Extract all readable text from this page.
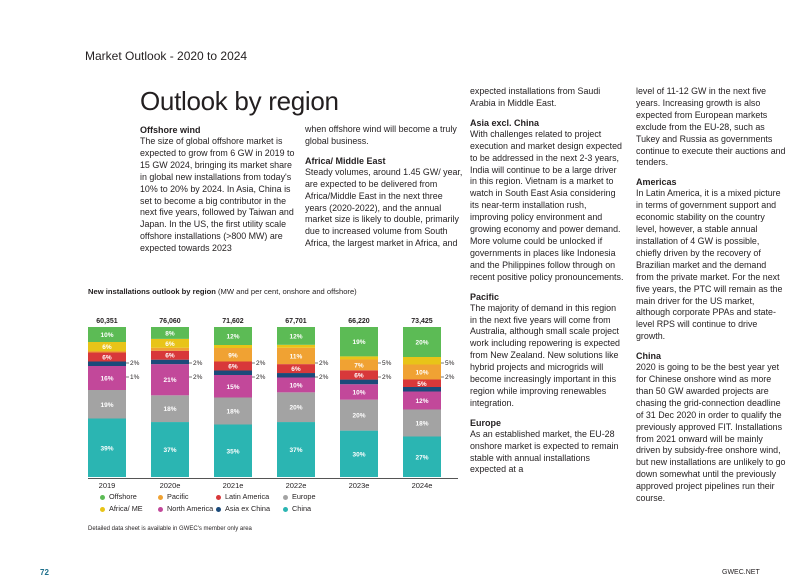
Market Outlook - 2020 to 2024
Outlook by region
Offshore wind

The size of global offshore market is expected to grow from 6 GW in 2019 to 15 GW 2024, bringing its market share in global new installations from today's 10% to 20% by 2024. In Asia, China is set to become a big contributor in the next five years, followed by Taiwan and Japan. In the US, the first utility scale offshore installations (>800 MW) are expected towards 2023

when offshore wind will become a truly global business.

Africa/ Middle East

Steady volumes, around 1.45 GW/ year, are expected to be delivered from Africa/Middle East in the next three years (2020-2022), and the annual market size is likely to double, primarily due to increased volume from South Africa, the largest market in Africa, and

expected installations from Saudi Arabia in Middle East.

Asia excl. China

With challenges related to project execution and market design expected to be addressed in the next 2-3 years, India will continue to be a large driver in this region. Vietnam is a market to watch in South East Asia considering its near-term installation rush, improving policy environment and growing economy and power demand. More volume could be unlocked if governments in places like Indonesia and the Philippines follow through on recent positive policy pronouncements.

Pacific

The majority of demand in this region in the next five years will come from Australia, although small scale project work including repowering is expected from New Zealand. New solutions like hybrid projects and microgrids will become increasingly important in this region while improving renewables integration.

Europe

As an established market, the EU-28 onshore market is expected to remain stable with annual installations expected at a

level of 11-12 GW in the next five years. Increasing growth is also expected from European markets exclude from the EU-28, such as Tukey and Russia as governments continue to execute their auctions and tenders.

Americas

In Latin America, it is a mixed picture in terms of government support and economic stability on the country level, however, a stable annual installation of 4 GW is possible, chiefly driven by the recovery of Brazilian market and the demand from the private market. For the next five years, the PTC will remain as the main driver for the US market, although corporate PPAs and state-level RPS will continue to drive growth.

China

2020 is going to be the best year yet for Chinese onshore wind as more than 50 GW awarded projects are chasing the grid-connection deadline of 31 Dec 2020 in order to qualify the previously approved FIT. Installations from 2021 onward will be mainly driven by subsidy-free onshore wind, but new installations are unlikely to go down somewhat until the previously approved project pipelines run their course.

New installations outlook by region (MW and per cent, onshore and offshore)
39%
19%
16%
6%
6%
10%
60,351
2%
1%
2019
37%
18%
21%
6%
6%
8%
76,060
2%
2%
2020e
35%
18%
15%
6%
9%
12%
71,602
2%
2%
2021e
37%
20%
10%
6%
11%
12%
67,701
2%
2%
2022e
30%
20%
10%
6%
7%
19%
66,220
5%
2%
2023e
27%
18%
12%
5%
10%
20%
73,425
5%
2%
2024e
Offshore	Pacific	Latin America	Europe
Africa/ ME	North America	Asia ex China	China
Detailed data sheet is available in GWEC's member only area
72	GWEC.NET
